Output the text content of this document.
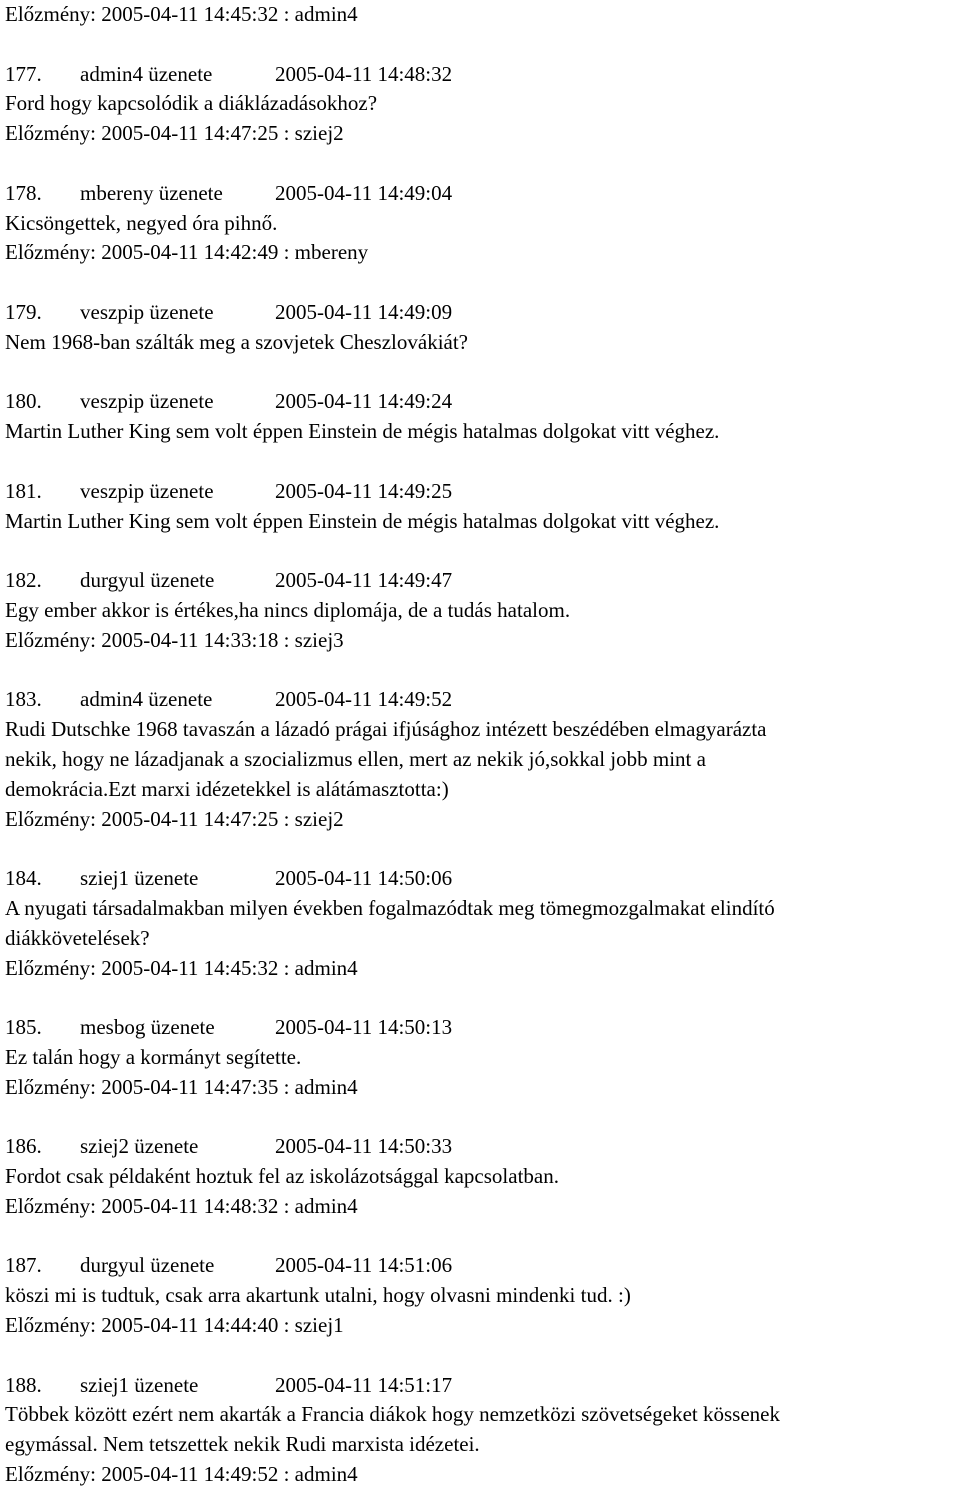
Előzmény: 2005-04-11 14:45:32 : admin4
177. admin4 üzenete	2005-04-11 14:48:32
Ford hogy kapcsolódik a diáklázadásokhoz?
Előzmény: 2005-04-11 14:47:25 : sziej2
178. mbereny üzenete 2005-04-11 14:49:04
Kicsöngettek, negyed óra pihnő.
Előzmény: 2005-04-11 14:42:49 : mbereny
179. veszpip üzenete	2005-04-11 14:49:09
Nem 1968-ban szálták meg a szovjetek Cheszlovákiát?
180. veszpip üzenete	2005-04-11 14:49:24
Martin Luther King sem volt éppen Einstein de mégis hatalmas dolgokat vitt véghez.
181. veszpip üzenete	2005-04-11 14:49:25
Martin Luther King sem volt éppen Einstein de mégis hatalmas dolgokat vitt véghez.
182. durgyul üzenete	2005-04-11 14:49:47
Egy ember akkor is értékes,ha nincs diplomája, de a tudás hatalom.
Előzmény: 2005-04-11 14:33:18 : sziej3
183. admin4 üzenete	2005-04-11 14:49:52
Rudi Dutschke 1968 tavaszán a lázadó prágai ifjúsághoz intézett beszédében elmagyarázta
nekik, hogy ne lázadjanak a szocializmus ellen, mert az nekik jó,sokkal jobb mint a
demokrácia.Ezt marxi idézetekkel is alátámasztotta:)
Előzmény: 2005-04-11 14:47:25 : sziej2
184. sziej1 üzenete	2005-04-11 14:50:06
A nyugati társadalmakban milyen években fogalmazódtak meg tömegmozgalmakat elindító
diákkövetelések?
Előzmény: 2005-04-11 14:45:32 : admin4
185. mesbog üzenete	2005-04-11 14:50:13
Ez talán hogy a kormányt segítette.
Előzmény: 2005-04-11 14:47:35 : admin4
186. sziej2 üzenete	2005-04-11 14:50:33
Fordot csak példaként hoztuk fel az iskolázotsággal kapcsolatban.
Előzmény: 2005-04-11 14:48:32 : admin4
187. durgyul üzenete	2005-04-11 14:51:06
köszi mi is tudtuk, csak arra akartunk utalni, hogy olvasni mindenki tud. :)
Előzmény: 2005-04-11 14:44:40 : sziej1
188. sziej1 üzenete	2005-04-11 14:51:17
Többek között ezért nem akarták a Francia diákok hogy nemzetközi szövetségeket kössenek
egymással. Nem tetszettek nekik Rudi marxista idézetei.
Előzmény: 2005-04-11 14:49:52 : admin4
